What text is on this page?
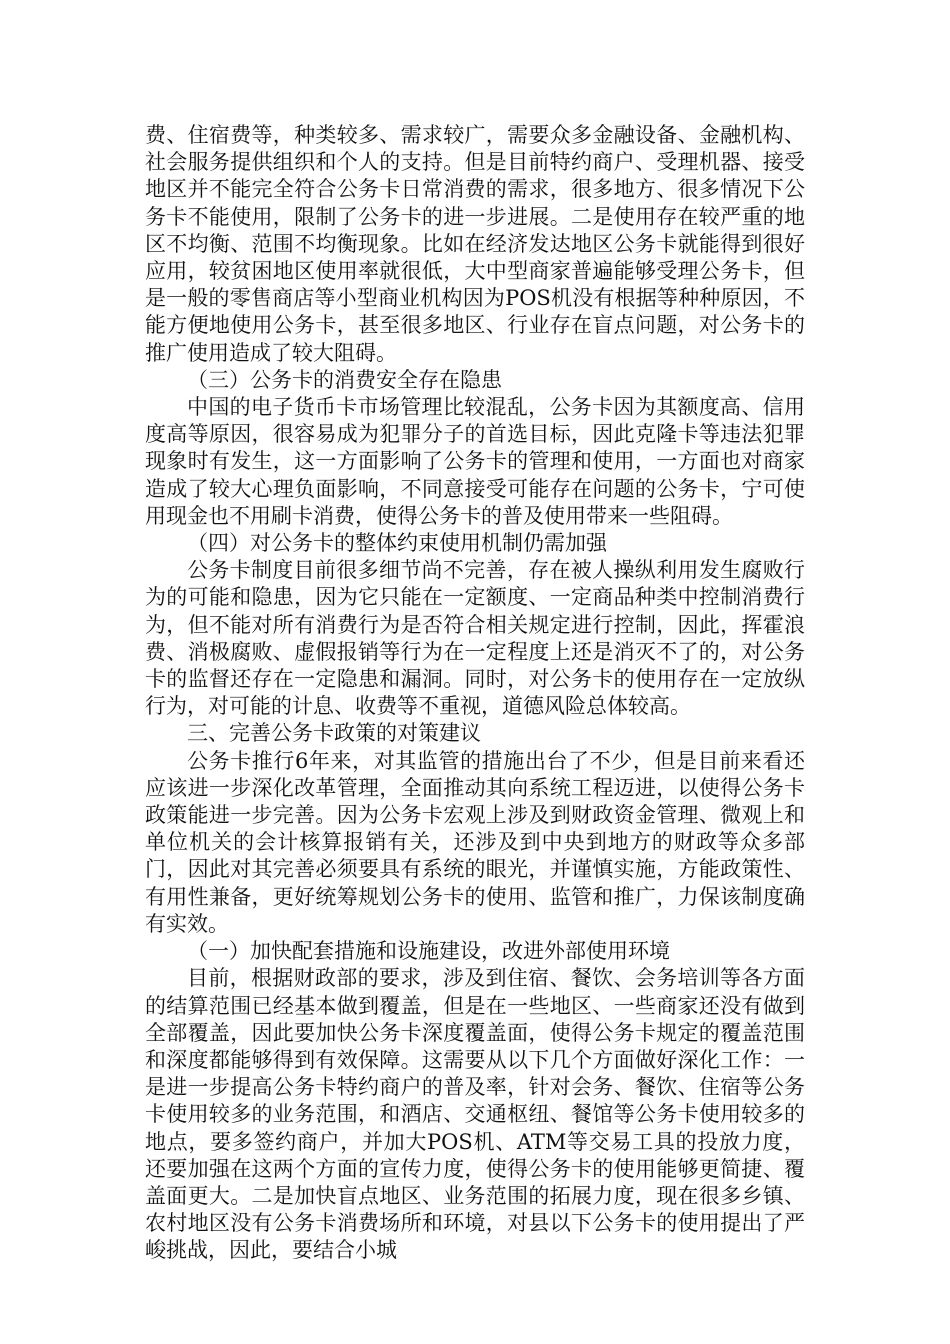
费、住宿费等，种类较多、需求较广，需要众多金融设备、金融机构、社会服务提供组织和个人的支持。但是目前特约商户、受理机器、接受地区并不能完全符合公务卡日常消费的需求，很多地方、很多情况下公务卡不能使用，限制了公务卡的进一步进展。二是使用存在较严重的地区不均衡、范围不均衡现象。比如在经济发达地区公务卡就能得到很好应用，较贫困地区使用率就很低，大中型商家普遍能够受理公务卡，但是一般的零售商店等小型商业机构因为POS机没有根据等种种原因，不能方便地使用公务卡，甚至很多地区、行业存在盲点问题，对公务卡的推广使用造成了较大阻碍。

（三）公务卡的消费安全存在隐患

中国的电子货币卡市场管理比较混乱，公务卡因为其额度高、信用度高等原因，很容易成为犯罪分子的首选目标，因此克隆卡等违法犯罪现象时有发生，这一方面影响了公务卡的管理和使用，一方面也对商家造成了较大心理负面影响，不同意接受可能存在问题的公务卡，宁可使用现金也不用刷卡消费，使得公务卡的普及使用带来一些阻碍。

（四）对公务卡的整体约束使用机制仍需加强

公务卡制度目前很多细节尚不完善，存在被人操纵利用发生腐败行为的可能和隐患，因为它只能在一定额度、一定商品种类中控制消费行为，但不能对所有消费行为是否符合相关规定进行控制，因此，挥霍浪费、消极腐败、虚假报销等行为在一定程度上还是消灭不了的，对公务卡的监督还存在一定隐患和漏洞。同时，对公务卡的使用存在一定放纵行为，对可能的计息、收费等不重视，道德风险总体较高。

三、完善公务卡政策的对策建议

公务卡推行6年来，对其监管的措施出台了不少，但是目前来看还应该进一步深化改革管理，全面推动其向系统工程迈进，以使得公务卡政策能进一步完善。因为公务卡宏观上涉及到财政资金管理、微观上和单位机关的会计核算报销有关，还涉及到中央到地方的财政等众多部门，因此对其完善必须要具有系统的眼光，并谨慎实施，方能政策性、有用性兼备，更好统筹规划公务卡的使用、监管和推广，力保该制度确有实效。

（一）加快配套措施和设施建设，改进外部使用环境

目前，根据财政部的要求，涉及到住宿、餐饮、会务培训等各方面的结算范围已经基本做到覆盖，但是在一些地区、一些商家还没有做到全部覆盖，因此要加快公务卡深度覆盖面，使得公务卡规定的覆盖范围和深度都能够得到有效保障。这需要从以下几个方面做好深化工作：一是进一步提高公务卡特约商户的普及率，针对会务、餐饮、住宿等公务卡使用较多的业务范围，和酒店、交通枢纽、餐馆等公务卡使用较多的地点，要多签约商户，并加大POS机、ATM等交易工具的投放力度，还要加强在这两个方面的宣传力度，使得公务卡的使用能够更简捷、覆盖面更大。二是加快盲点地区、业务范围的拓展力度，现在很多乡镇、农村地区没有公务卡消费场所和环境，对县以下公务卡的使用提出了严峻挑战，因此，要结合小城
